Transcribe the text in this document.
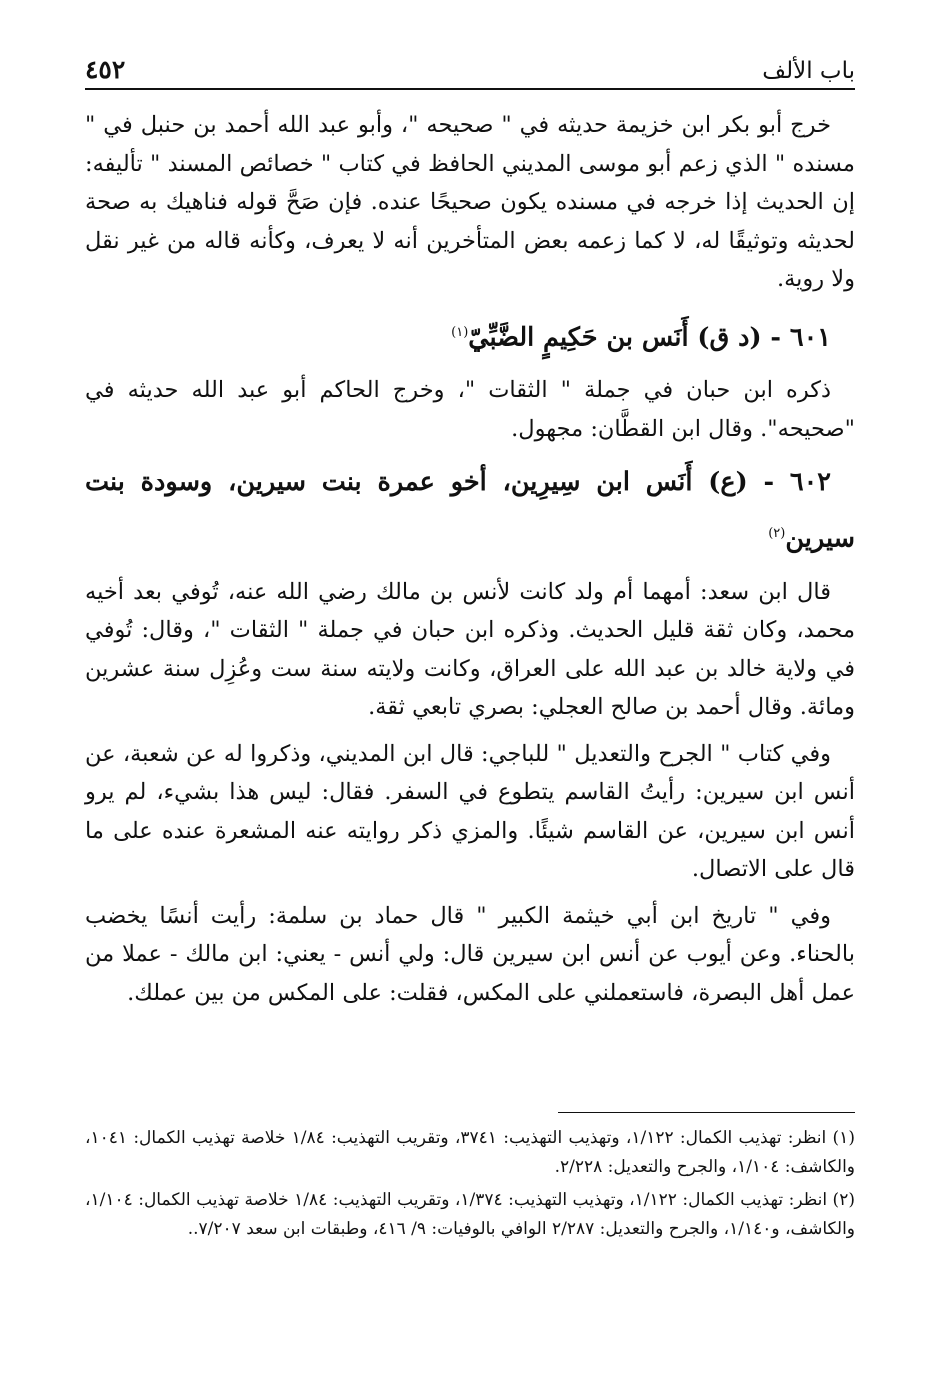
باب الألف
٤٥٢

خرج أبو بكر ابن خزيمة حديثه في " صحيحه "، وأبو عبد الله أحمد بن حنبل في " مسنده " الذي زعم أبو موسى المديني الحافظ في كتاب " خصائص المسند " تأليفه: إن الحديث إذا خرجه في مسنده يكون صحيحًا عنده. فإن صَحَّ قوله فناهيك به صحة لحديثه وتوثيقًا له، لا كما زعمه بعض المتأخرين أنه لا يعرف، وكأنه قاله من غير نقل ولا روية.

٦٠١ - (د ق) أَنَس بن حَكِيمٍ الضَّبِّيّ$^{(١)}$

ذكره ابن حبان في جملة " الثقات "، وخرج الحاكم أبو عبد الله حديثه في "صحيحه". وقال ابن القطَّان: مجهول.

٦٠٢ - (ع) أَنَس ابن سِيرِين، أخو عمرة بنت سيرين، وسودة بنت سيرين$^{(٢)}$

قال ابن سعد: أمهما أم ولد كانت لأنس بن مالك رضي الله عنه، تُوفي بعد أخيه محمد، وكان ثقة قليل الحديث. وذكره ابن حبان في جملة " الثقات "، وقال: تُوفي في ولاية خالد بن عبد الله على العراق، وكانت ولايته سنة ست وعُزِل سنة عشرين ومائة. وقال أحمد بن صالح العجلي: بصري تابعي ثقة.

وفي كتاب " الجرح والتعديل " للباجي: قال ابن المديني، وذكروا له عن شعبة، عن أنس ابن سيرين: رأيتُ القاسم يتطوع في السفر. فقال: ليس هذا بشيء، لم يرو أنس ابن سيرين، عن القاسم شيئًا. والمزي ذكر روايته عنه المشعرة عنده على ما قال على الاتصال.

وفي " تاريخ ابن أبي خيثمة الكبير " قال حماد بن سلمة: رأيت أنسًا يخضب بالحناء. وعن أيوب عن أنس ابن سيرين قال: ولي أنس - يعني: ابن مالك - عملا من عمل أهل البصرة، فاستعملني على المكس، فقلت: على المكس من بين عملك.

(١) انظر: تهذيب الكمال: ١/١٢٢، وتهذيب التهذيب: ٣٧٤١، وتقريب التهذيب: ١/٨٤ خلاصة تهذيب الكمال: ١٠٤١، والكاشف: ١/١٠٤، والجرح والتعديل: ٢/٢٢٨.

(٢) انظر: تهذيب الكمال: ١/١٢٢، وتهذيب التهذيب: ١/٣٧٤، وتقريب التهذيب: ١/٨٤ خلاصة تهذيب الكمال: ١/١٠٤، والكاشف، و١/١٤٠، والجرح والتعديل: ٢/٢٨٧ الوافي بالوفيات: ٩/ ٤١٦، وطبقات ابن سعد ٧/٢٠٧..
